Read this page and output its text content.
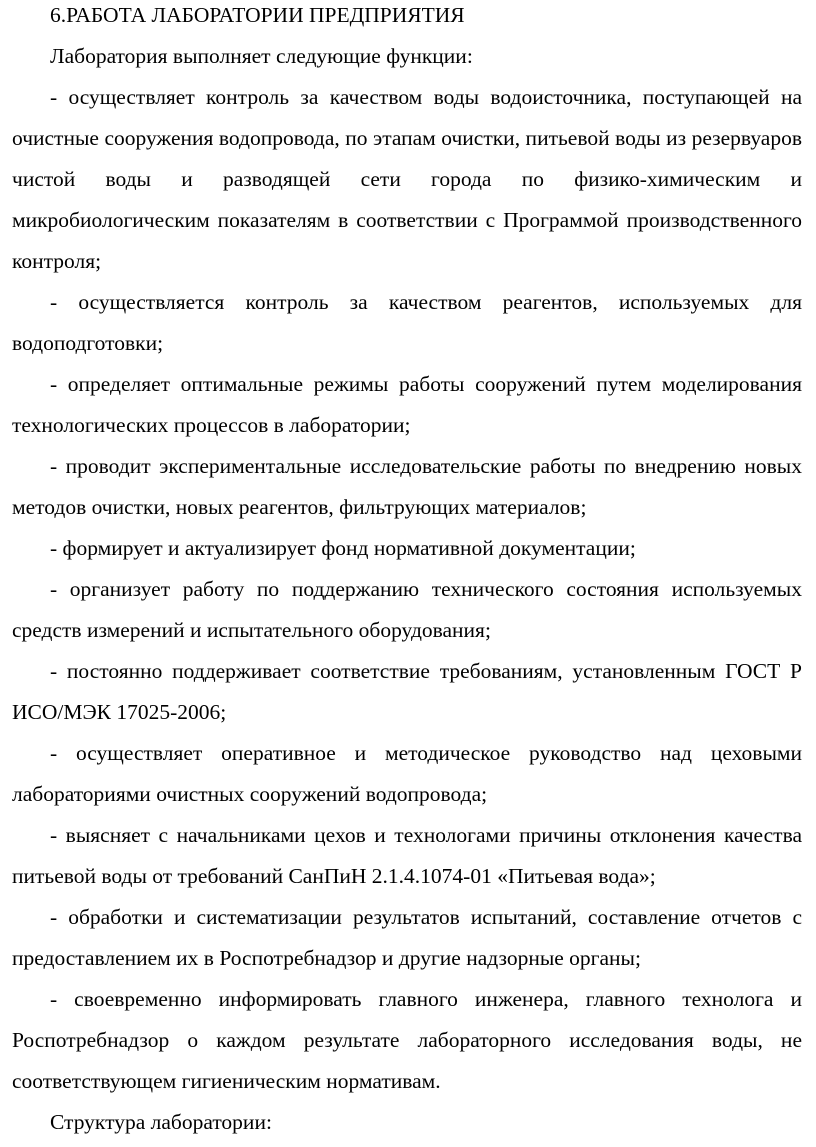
6.РАБОТА ЛАБОРАТОРИИ ПРЕДПРИЯТИЯ

Лаборатория выполняет следующие функции:

- осуществляет контроль за качеством воды водоисточника, поступающей на очистные сооружения водопровода, по этапам очистки, питьевой воды из резервуаров чистой воды и разводящей сети города по физико-химическим и микробиологическим показателям в соответствии с Программой производственного контроля;
- осуществляется контроль за качеством реагентов, используемых для водоподготовки;
- определяет оптимальные режимы работы сооружений путем моделирования технологических процессов в лаборатории;
- проводит экспериментальные исследовательские работы по внедрению новых методов очистки, новых реагентов, фильтрующих материалов;
- формирует и актуализирует фонд нормативной документации;
- организует работу по поддержанию технического состояния используемых средств измерений и испытательного оборудования;
- постоянно поддерживает соответствие требованиям, установленным ГОСТ Р ИСО/МЭК 17025-2006;
- осуществляет оперативное и методическое руководство над цеховыми лабораториями очистных сооружений водопровода;
- выясняет с начальниками цехов и технологами причины отклонения качества питьевой воды от требований СанПиН 2.1.4.1074-01 «Питьевая вода»;
- обработки и систематизации результатов испытаний, составление отчетов с предоставлением их в Роспотребнадзор и другие надзорные органы;
- своевременно информировать главного инженера, главного технолога и Роспотребнадзор о каждом результате лабораторного исследования воды, не соответствующем гигиеническим нормативам.

Структура лаборатории:
